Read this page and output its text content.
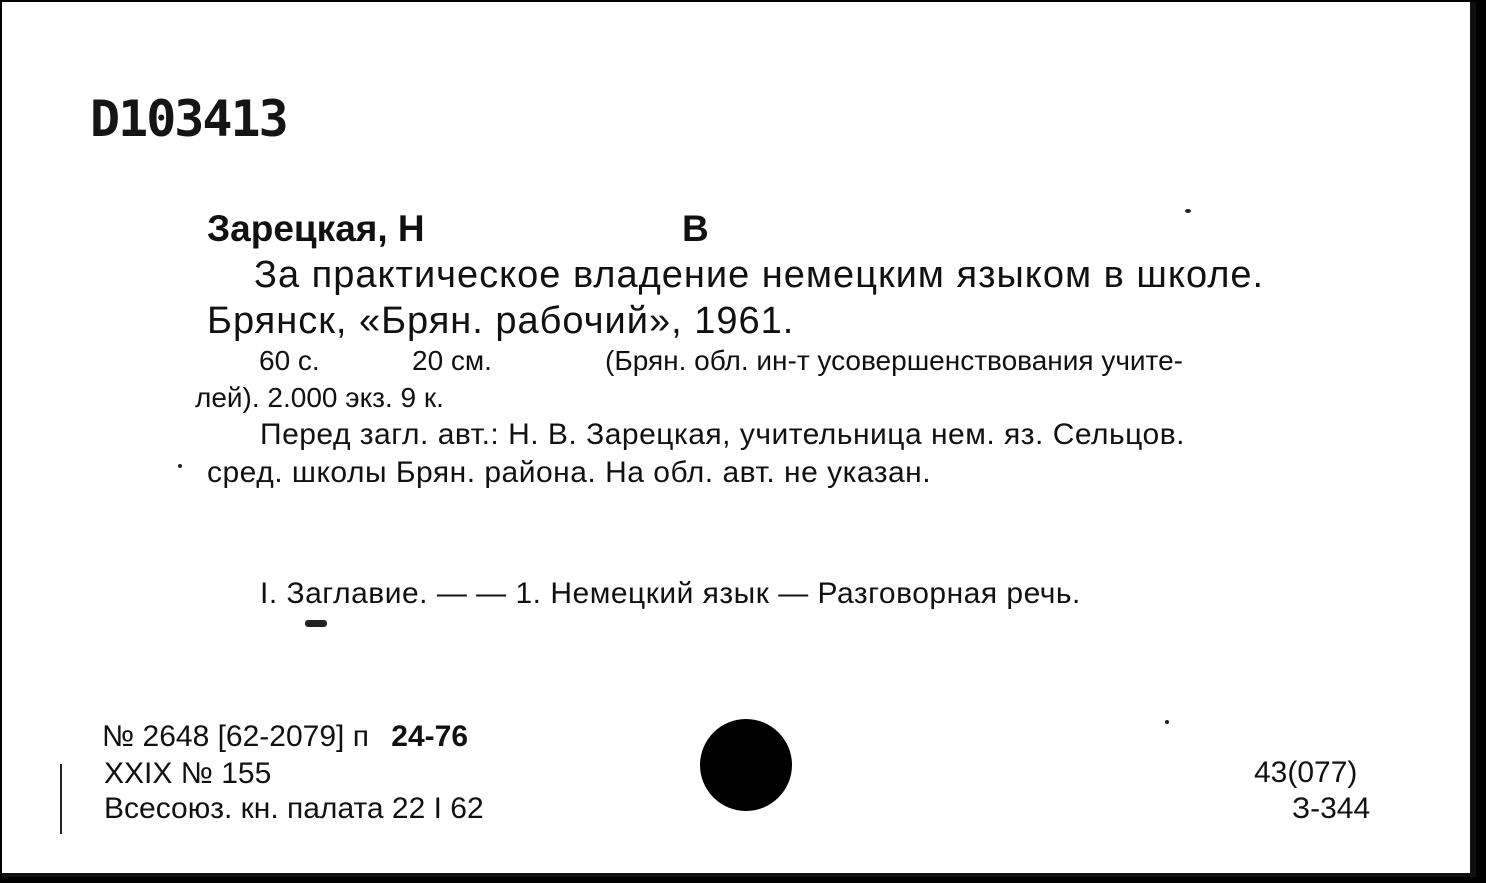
D103413
Зарецкая, Н	В
За практическое владение немецким языком в школе.
Брянск, «Брян. рабочий», 1961.
60 с.	20 см.	(Брян. обл. ин-т усовершенствования учите-
лей). 2.000 экз. 9 к.
Перед загл. авт.: Н. В. Зарецкая, учительница нем. яз. Сельцов.
сред. школы Брян. района. На обл. авт. не указан.
I. Заглавие. — — 1. Немецкий язык — Разговорная речь.
№ 2648 [62-2079] п 24-76
XXIX № 155
Всесоюз. кн. палата 22 I 62
43(077)
З-344
